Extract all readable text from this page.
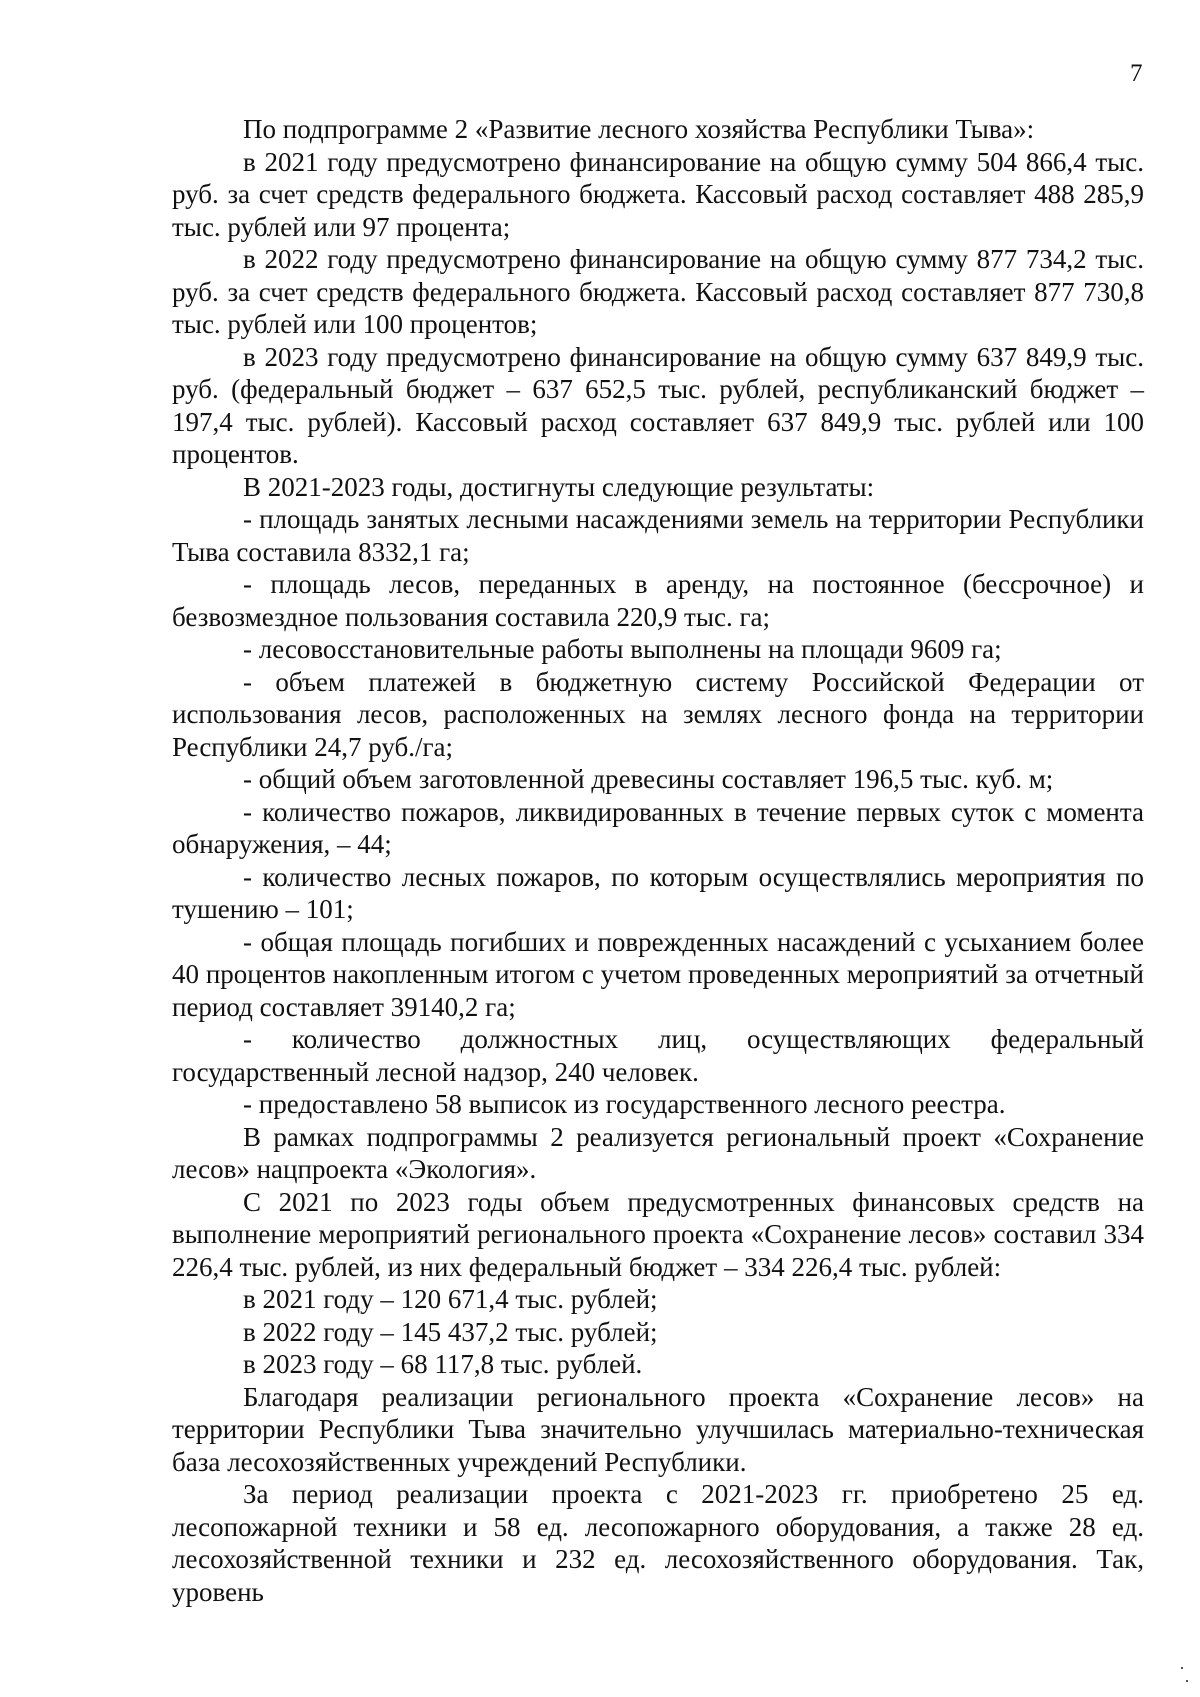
7

По подпрограмме 2 «Развитие лесного хозяйства Республики Тыва»:

в 2021 году предусмотрено финансирование на общую сумму 504 866,4 тыс. руб. за счет средств федерального бюджета. Кассовый расход составляет 488 285,9 тыс. рублей или 97 процента;

в 2022 году предусмотрено финансирование на общую сумму 877 734,2 тыс. руб. за счет средств федерального бюджета. Кассовый расход составляет 877 730,8 тыс. рублей или 100 процентов;

в 2023 году предусмотрено финансирование на общую сумму 637 849,9 тыс. руб. (федеральный бюджет – 637 652,5 тыс. рублей, республиканский бюджет – 197,4 тыс. рублей). Кассовый расход составляет 637 849,9 тыс. рублей или 100 процентов.

В 2021-2023 годы, достигнуты следующие результаты:

- площадь занятых лесными насаждениями земель на территории Республики Тыва составила 8332,1 га;

- площадь лесов, переданных в аренду, на постоянное (бессрочное) и безвозмездное пользования составила 220,9 тыс. га;

- лесовосстановительные работы выполнены на площади 9609 га;

- объем платежей в бюджетную систему Российской Федерации от использования лесов, расположенных на землях лесного фонда на территории Республики 24,7 руб./га;

- общий объем заготовленной древесины составляет 196,5 тыс. куб. м;

- количество пожаров, ликвидированных в течение первых суток с момента обнаружения, – 44;

- количество лесных пожаров, по которым осуществлялись мероприятия по тушению – 101;

- общая площадь погибших и поврежденных насаждений с усыханием более 40 процентов накопленным итогом с учетом проведенных мероприятий за отчетный период составляет 39140,2 га;

- количество должностных лиц, осуществляющих федеральный государственный лесной надзор, 240 человек.

- предоставлено 58 выписок из государственного лесного реестра.

В рамках подпрограммы 2 реализуется региональный проект «Сохранение лесов» нацпроекта «Экология».

С 2021 по 2023 годы объем предусмотренных финансовых средств на выполнение мероприятий регионального проекта «Сохранение лесов» составил 334 226,4 тыс. рублей, из них федеральный бюджет – 334 226,4 тыс. рублей:

в 2021 году – 120 671,4 тыс. рублей;

в 2022 году – 145 437,2 тыс. рублей;

в 2023 году – 68 117,8 тыс. рублей.

Благодаря реализации регионального проекта «Сохранение лесов» на территории Республики Тыва значительно улучшилась материально-техническая база лесохозяйственных учреждений Республики.

За период реализации проекта с 2021-2023 гг. приобретено 25 ед. лесопожарной техники и 58 ед. лесопожарного оборудования, а также 28 ед. лесохозяйственной техники и 232 ед. лесохозяйственного оборудования. Так, уровень
